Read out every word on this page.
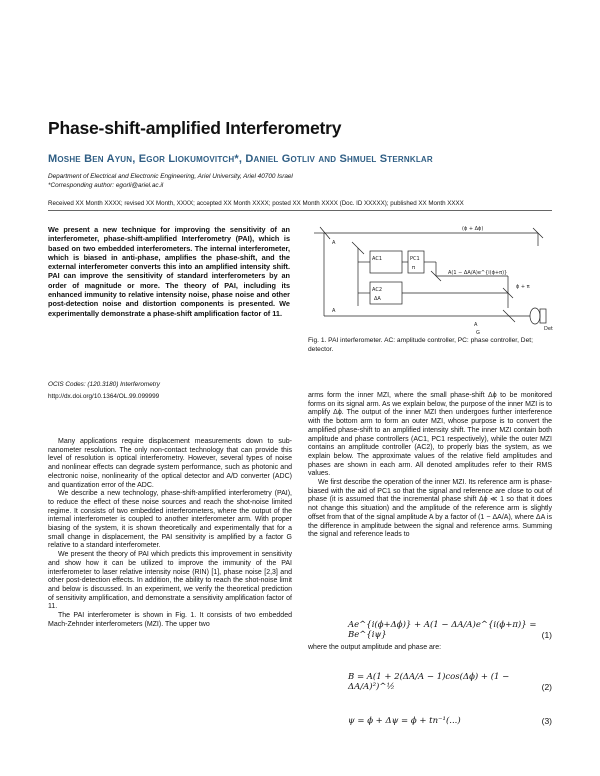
Phase-shift-amplified Interferometry
Moshe Ben Ayun, Egor Liokumovitch*, Daniel Gotliv and Shmuel Sternklar
Department of Electrical and Electronic Engineering, Ariel University, Ariel 40700 Israel
*Corresponding author: egorli@ariel.ac.il
Received XX Month XXXX; revised XX Month, XXXX; accepted XX Month XXXX; posted XX Month XXXX (Doc. ID XXXXX); published XX Month XXXX
We present a new technique for improving the sensitivity of an interferometer, phase-shift-amplified Interferometry (PAI), which is based on two embedded interferometers. The internal interferometer, which is biased in anti-phase, amplifies the phase-shift, and the external interferometer converts this into an amplified intensity shift. PAI can improve the sensitivity of standard interferometers by an order of magnitude or more. The theory of PAI, including its enhanced immunity to relative intensity noise, phase noise and other post-detection noise and distortion components is presented. We experimentally demonstrate a phase-shift amplification factor of 11.
OCIS Codes: (120.3180) Interferometry
http://dx.doi.org/10.1364/OL.99.099999

Many applications require displacement measurements down to sub-nanometer resolution. The only non-contact technology that can provide this level of resolution is optical interferometry. However, several types of noise and nonlinear effects can degrade system performance, such as photonic and electronic noise, nonlinearity of the optical detector and A/D converter (ADC) and quantization error of the ADC.

We describe a new technology, phase-shift-amplified interferometry (PAI), to reduce the effect of these noise sources and reach the shot-noise limited regime. It consists of two embedded interferometers, where the output of the internal interferometer is coupled to another interferometer arm. With proper biasing of the system, it is shown theoretically and experimentally that for a small change in displacement, the PAI sensitivity is amplified by a factor G relative to a standard interferometer.

We present the theory of PAI which predicts this improvement in sensitivity and show how it can be utilized to improve the immunity of the PAI interferometer to laser relative intensity noise (RIN) [1], phase noise [2,3] and other post-detection effects. In addition, the ability to reach the shot-noise limit and below is discussed. In an experiment, we verify the theoretical prediction of sensitivity amplification, and demonstrate a sensitivity amplification factor of 11.

The PAI interferometer is shown in Fig. 1. It consists of two embedded Mach-Zehnder interferometers (MZI). The upper two

(ϕ + Δϕ)
AC1	PC1
π
AC2
ΔA
A(1 − ΔA/A)e^{i(ϕ+π)}
A
A
A
G
Det
ϕ + π
Fig. 1. PAI interferometer. AC: amplitude controller, PC: phase controller, Det; detector.

arms form the inner MZI, where the small phase-shift Δϕ to be monitored forms on its signal arm. As we explain below, the purpose of the inner MZI is to amplify Δϕ. The output of the inner MZI then undergoes further interference with the bottom arm to form an outer MZI, whose purpose is to convert the amplified phase-shift to an amplified intensity shift. The inner MZI contain both amplitude and phase controllers (AC1, PC1 respectively), while the outer MZI contains an amplitude controller (AC2), to properly bias the system, as we explain below. The approximate values of the relative field amplitudes and phases are shown in each arm. All denoted amplitudes refer to their RMS values.

We first describe the operation of the inner MZI. Its reference arm is phase-biased with the aid of PC1 so that the signal and reference are close to out of phase (it is assumed that the incremental phase shift Δϕ ≪ 1 so that it does not change this situation) and the amplitude of the reference arm is slightly offset from that of the signal amplitude A by a factor of (1 − ΔA/A), where ΔA is the difference in amplitude between the signal and reference arms. Summing the signal and reference leads to

Ae^{i(ϕ+Δϕ)} + A(1 − ΔA/A)e^{i(ϕ+π)} = Be^{iψ}	(1)
where the output amplitude and phase are:
B = A(1 + 2(ΔA/A − 1)cos(Δϕ) + (1 − ΔA/A)²)^½	(2)
ψ = ϕ + Δψ = ϕ + tn⁻¹(...)	(3)
